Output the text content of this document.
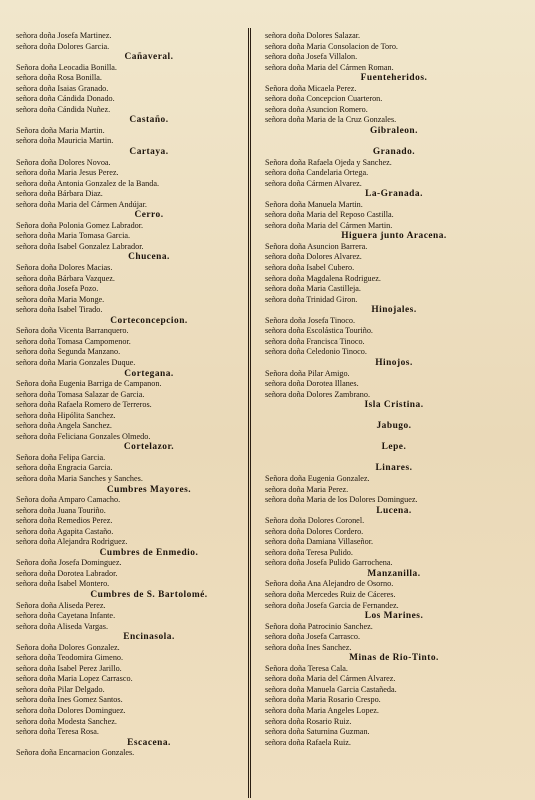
señora doña Josefa Martinez.
señora doña Dolores Garcia.
Cañaveral.
Señora doña Leocadia Bonilla.
señora doña Rosa Bonilla.
señora doña Isaias Granado.
señora doña Cándida Donado.
señora doña Cándida Nuñez.
Castaño.
Señora doña Maria Martin.
señora doña Mauricia Martin.
Cartaya.
Señora doña Dolores Novoa.
señora doña Maria Jesus Perez.
señora doña Antonia Gonzalez de la Banda.
señora doña Bárbara Diaz.
señora doña Maria del Cármen Andújar.
Cerro.
Señora doña Polonia Gomez Labrador.
señora doña Maria Tomasa Garcia.
señora doña Isabel Gonzalez Labrador.
Chucena.
Señora doña Dolores Macias.
señora doña Bárbara Vazquez.
señora doña Josefa Pozo.
señora doña Maria Monge.
señora doña Isabel Tirado.
Corteconcepcion.
Señora doña Vicenta Barranquero.
señora doña Tomasa Campomenor.
señora doña Segunda Manzano.
señora doña Maria Gonzales Duque.
Cortegana.
Señora doña Eugenia Barriga de Campanon.
señora doña Tomasa Salazar de Garcia.
señora doña Rafaela Romero de Terreros.
señora doña Hipólita Sanchez.
señora doña Angela Sanchez.
señora doña Feliciana Gonzales Olmedo.
Cortelazor.
Señora doña Felipa Garcia.
señora doña Engracia Garcia.
señora doña Maria Sanches y Sanches.
Cumbres Mayores.
Señora doña Amparo Camacho.
señora doña Juana Touriño.
señora doña Remedios Perez.
señora doña Agapita Castaño.
señora doña Alejandra Rodriguez.
Cumbres de Enmedio.
Señora doña Josefa Dominguez.
señora doña Dorotea Labrador.
señora doña Isabel Montero.
Cumbres de S. Bartolomé.
Señora doña Aliseda Perez.
señora doña Cayetana Infante.
señora doña Aliseda Vargas.
Encinasola.
Señora doña Dolores Gonzalez.
señora doña Teodomira Gimeno.
señora doña Isabel Perez Jarillo.
señora doña Maria Lopez Carrasco.
señora doña Pilar Delgado.
señora doña Ines Gomez Santos.
señora doña Dolores Dominguez.
señora doña Modesta Sanchez.
señora doña Teresa Rosa.
Escacena.
Señora doña Encarnacion Gonzales.
señora doña Dolores Salazar.
señora doña Maria Consolacion de Toro.
señora doña Josefa Villalon.
señora doña Maria del Cármen Roman.
Fuenteheridos.
Señora doña Micaela Perez.
señora doña Concepcion Cuarteron.
señora doña Asuncion Romero.
señora doña Maria de la Cruz Gonzales.
Gibraleon.
Granado.
Señora doña Rafaela Ojeda y Sanchez.
señora doña Candelaria Ortega.
señora doña Cármen Alvarez.
La-Granada.
Señora doña Manuela Martin.
señora doña Maria del Reposo Castilla.
señora doña Maria del Cármen Martin.
Higuera junto Aracena.
Señora doña Asuncion Barrera.
señora doña Dolores Alvarez.
señora doña Isabel Cubero.
señora doña Magdalena Rodriguez.
señora doña Maria Castilleja.
señora doña Trinidad Giron.
Hinojales.
Señora doña Josefa Tinoco.
señora doña Escolástica Touriño.
señora doña Francisca Tinoco.
señora doña Celedonio Tinoco.
Hinojos.
Señora doña Pilar Amigo.
señora doña Dorotea Illanes.
señora doña Dolores Zambrano.
Isla Cristina.
Jabugo.
Lepe.
Linares.
Señora doña Eugenia Gonzalez.
señora doña Maria Perez.
señora doña Maria de los Dolores Dominguez.
Lucena.
Señora doña Dolores Coronel.
señora doña Dolores Cordero.
señora doña Damiana Villaseñor.
señora doña Teresa Pulido.
señora doña Josefa Pulido Garrochena.
Manzanilla.
Señora doña Ana Alejandro de Osorno.
señora doña Mercedes Ruiz de Cáceres.
señora doña Josefa Garcia de Fernandez.
Los Marines.
Señora doña Patrocinio Sanchez.
señora doña Josefa Carrasco.
señora doña Ines Sanchez.
Minas de Rio-Tinto.
Señora doña Teresa Cala.
señora doña Maria del Cármen Alvarez.
señora doña Manuela Garcia Castañeda.
señora doña Maria Rosario Crespo.
señora doña Maria Angeles Lopez.
señora doña Rosario Ruiz.
señora doña Saturnina Guzman.
señora doña Rafaela Ruiz.
